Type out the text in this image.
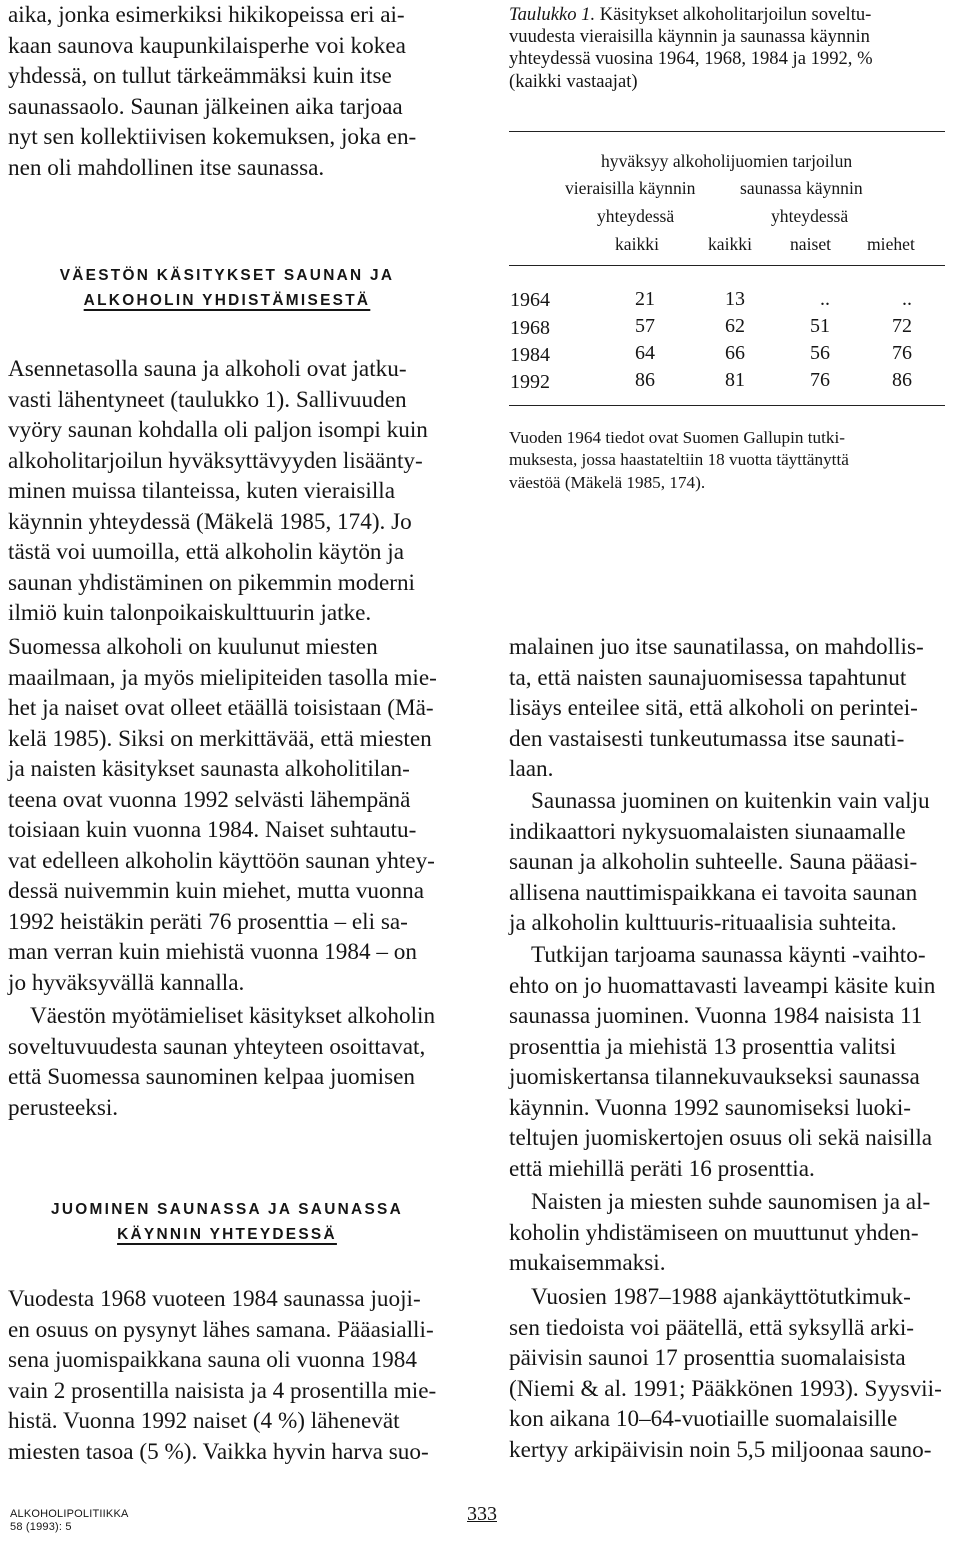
aika, jonka esimerkiksi hikikopeissa eri ai-

kaan saunova kaupunkilaisperhe voi kokea

yhdessä, on tullut tärkeämmäksi kuin itse

saunassaolo. Saunan jälkeinen aika tarjoaa

nyt sen kollektiivisen kokemuksen, joka en-

nen oli mahdollinen itse saunassa.

VÄESTÖN KÄSITYKSET SAUNAN JA

ALKOHOLIN YHDISTÄMISESTÄ

Asennetasolla sauna ja alkoholi ovat jatku-

vasti lähentyneet (taulukko 1). Sallivuuden

vyöry saunan kohdalla oli paljon isompi kuin

alkoholitarjoilun hyväksyttävyyden lisäänty-

minen muissa tilanteissa, kuten vieraisilla

käynnin yhteydessä (Mäkelä 1985, 174). Jo

tästä voi uumoilla, että alkoholin käytön ja

saunan yhdistäminen on pikemmin moderni

ilmiö kuin talonpoikaiskulttuurin jatke.

Suomessa alkoholi on kuulunut miesten

maailmaan, ja myös mielipiteiden tasolla mie-

het ja naiset ovat olleet etäällä toisistaan (Mä-

kelä 1985). Siksi on merkittävää, että miesten

ja naisten käsitykset saunasta alkoholitilan-

teena ovat vuonna 1992 selvästi lähempänä

toisiaan kuin vuonna 1984. Naiset suhtautu-

vat edelleen alkoholin käyttöön saunan yhtey-

dessä nuivemmin kuin miehet, mutta vuonna

1992 heistäkin peräti 76 prosenttia – eli sa-

man verran kuin miehistä vuonna 1984 – on

jo hyväksyvällä kannalla.

Väestön myötämieliset käsitykset alkoholin

soveltuvuudesta saunan yhteyteen osoittavat,

että Suomessa saunominen kelpaa juomisen

perusteeksi.

JUOMINEN SAUNASSA JA SAUNASSA

KÄYNNIN YHTEYDESSÄ

Vuodesta 1968 vuoteen 1984 saunassa juoji-

en osuus on pysynyt lähes samana. Pääasialli-

sena juomispaikkana sauna oli vuonna 1984

vain 2 prosentilla naisista ja 4 prosentilla mie-

histä. Vuonna 1992 naiset (4 %) lähenevät

miesten tasoa (5 %). Vaikka hyvin harva suo-

Taulukko 1. Käsitykset alkoholitarjoilun soveltu-

vuudesta vieraisilla käynnin ja saunassa käynnin

yhteydessä vuosina 1964, 1968, 1984 ja 1992, %

(kaikki vastaajat)

hyväksyy alkoholijuomien tarjoilun
vieraisilla käynnin	saunassa käynnin
yhteydessä	yhteydessä
kaikki	kaikki naiset miehet
1964	21	13	..	..
1968	57	62	51	72
1984	64	66	56	76
1992	86	81	76	86

Vuoden 1964 tiedot ovat Suomen Gallupin tutki-

muksesta, jossa haastateltiin 18 vuotta täyttänyttä

väestöä (Mäkelä 1985, 174).

malainen juo itse saunatilassa, on mahdollis-

ta, että naisten saunajuomisessa tapahtunut

lisäys enteilee sitä, että alkoholi on perintei-

den vastaisesti tunkeutumassa itse saunati-

laan.

Saunassa juominen on kuitenkin vain valju

indikaattori nykysuomalaisten siunaamalle

saunan ja alkoholin suhteelle. Sauna pääasi-

allisena nauttimispaikkana ei tavoita saunan

ja alkoholin kulttuuris-rituaalisia suhteita.

Tutkijan tarjoama saunassa käynti -vaihto-

ehto on jo huomattavasti laveampi käsite kuin

saunassa juominen. Vuonna 1984 naisista 11

prosenttia ja miehistä 13 prosenttia valitsi

juomiskertansa tilannekuvaukseksi saunassa

käynnin. Vuonna 1992 saunomiseksi luoki-

teltujen juomiskertojen osuus oli sekä naisilla

että miehillä peräti 16 prosenttia.

Naisten ja miesten suhde saunomisen ja al-

koholin yhdistämiseen on muuttunut yhden-

mukaisemmaksi.

Vuosien 1987–1988 ajankäyttötutkimuk-

sen tiedoista voi päätellä, että syksyllä arki-

päivisin saunoi 17 prosenttia suomalaisista

(Niemi & al. 1991; Pääkkönen 1993). Syysvii-

kon aikana 10–64-vuotiaille suomalaisille

kertyy arkipäivisin noin 5,5 miljoonaa sauno-

ALKOHOLIPOLITIIKKA
58 (1993): 5
333
